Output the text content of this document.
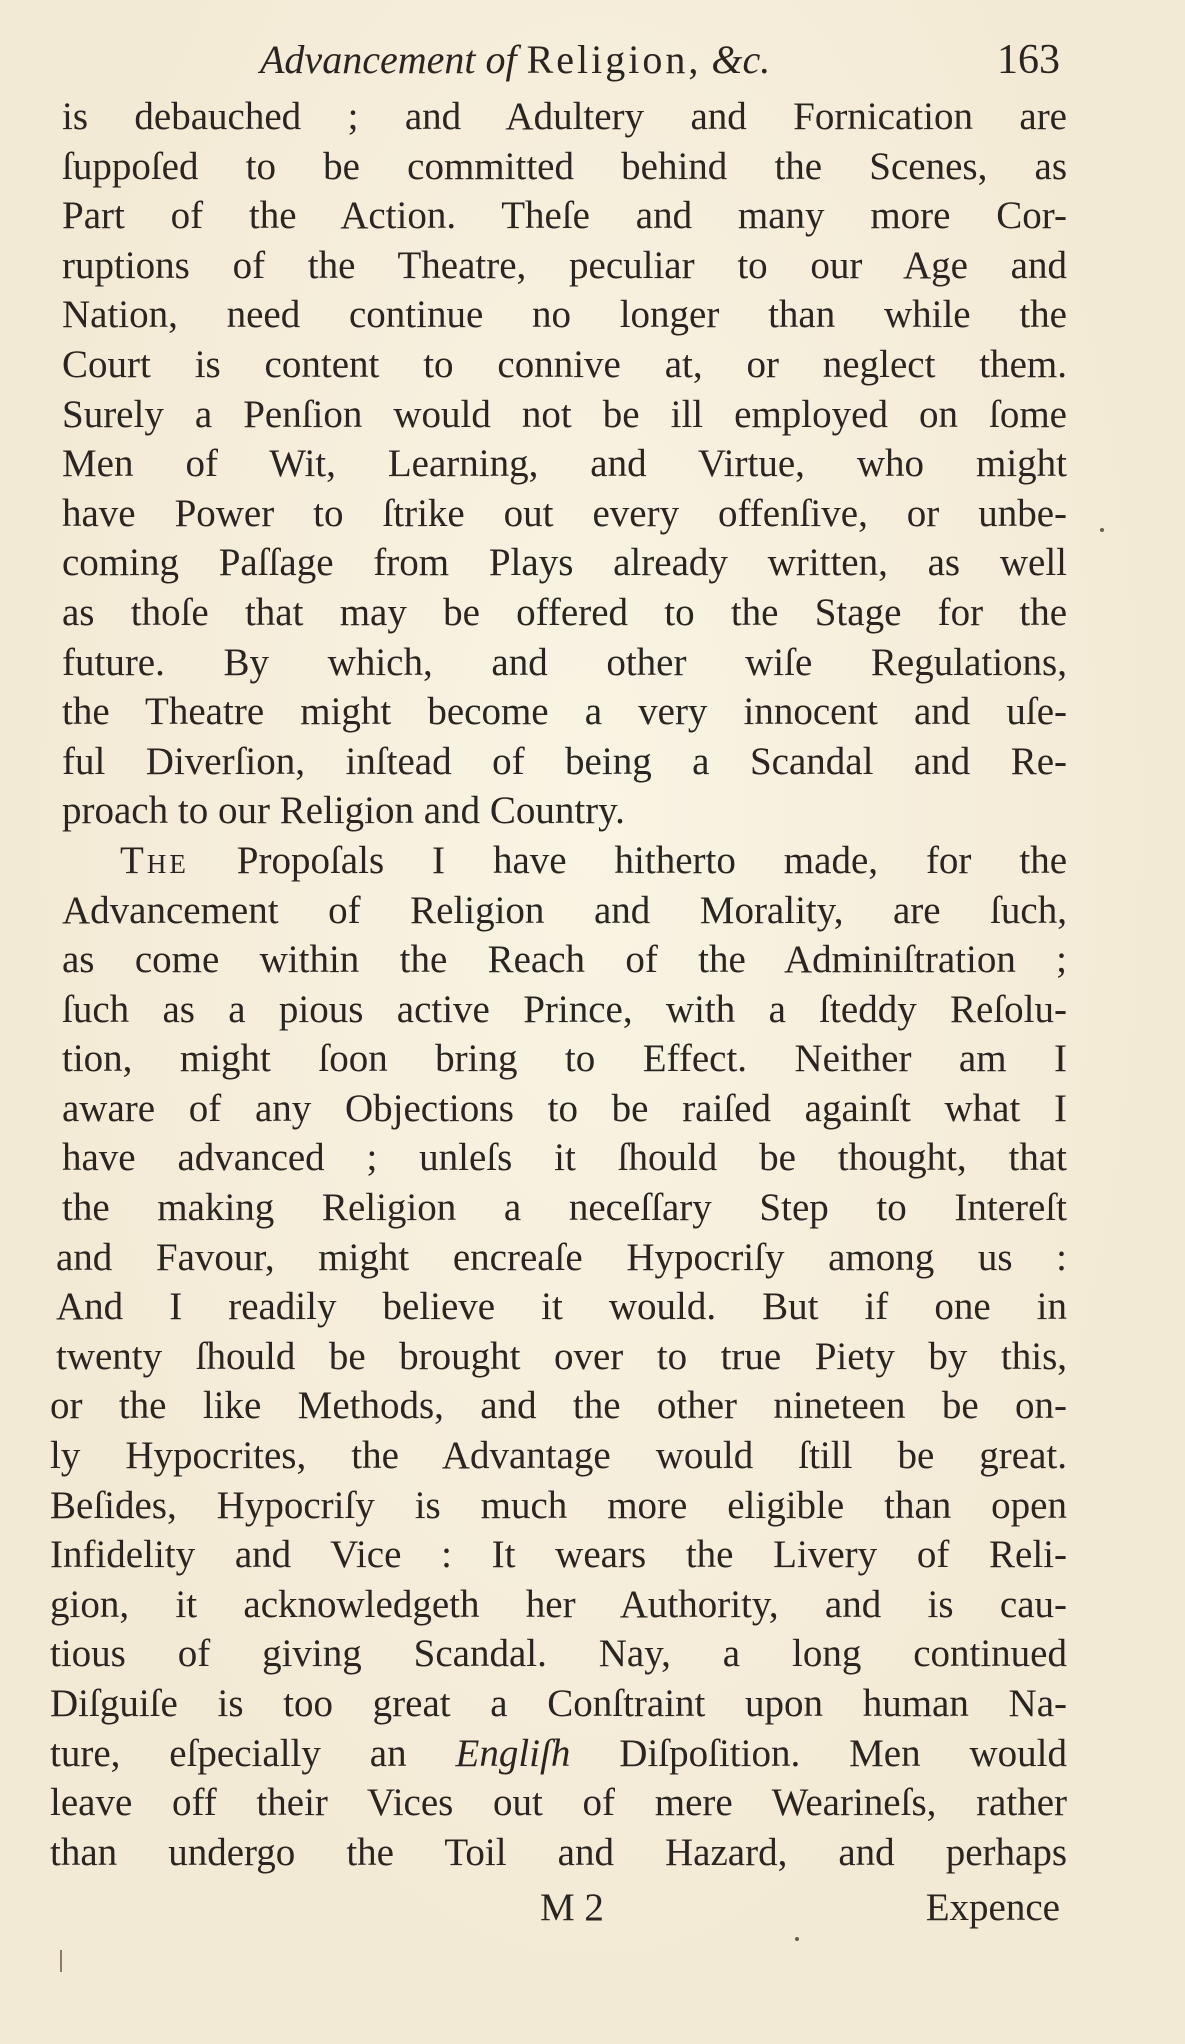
Advancement of Religion, &c.	163
is debauched ; and Adultery and Fornication are
ſuppoſed to be committed behind the Scenes, as
Part of the Action. Theſe and many more Cor-
ruptions of the Theatre, peculiar to our Age and
Nation, need continue no longer than while the
Court is content to connive at, or neglect them.
Surely a Penſion would not be ill employed on ſome
Men of Wit, Learning, and Virtue, who might
have Power to ſtrike out every offenſive, or unbe-
coming Paſſage from Plays already written, as well
as thoſe that may be offered to the Stage for the
future. By which, and other wiſe Regulations,
the Theatre might become a very innocent and uſe-
ful Diverſion, inſtead of being a Scandal and Re-
proach to our Religion and Country.
The Propoſals I have hitherto made, for the
Advancement of Religion and Morality, are ſuch,
as come within the Reach of the Adminiſtration ;
ſuch as a pious active Prince, with a ſteddy Reſolu-
tion, might ſoon bring to Effect. Neither am I
aware of any Objections to be raiſed againſt what I
have advanced ; unleſs it ſhould be thought, that
the making Religion a neceſſary Step to Intereſt
and Favour, might encreaſe Hypocriſy among us :
And I readily believe it would. But if one in
twenty ſhould be brought over to true Piety by this,
or the like Methods, and the other nineteen be on-
ly Hypocrites, the Advantage would ſtill be great.
Beſides, Hypocriſy is much more eligible than open
Infidelity and Vice : It wears the Livery of Reli-
gion, it acknowledgeth her Authority, and is cau-
tious of giving Scandal. Nay, a long continued
Diſguiſe is too great a Conſtraint upon human Na-
ture, eſpecially an Engliſh Diſpoſition. Men would
leave off their Vices out of mere Wearineſs, rather
than undergo the Toil and Hazard, and perhaps
M 2	Expence
